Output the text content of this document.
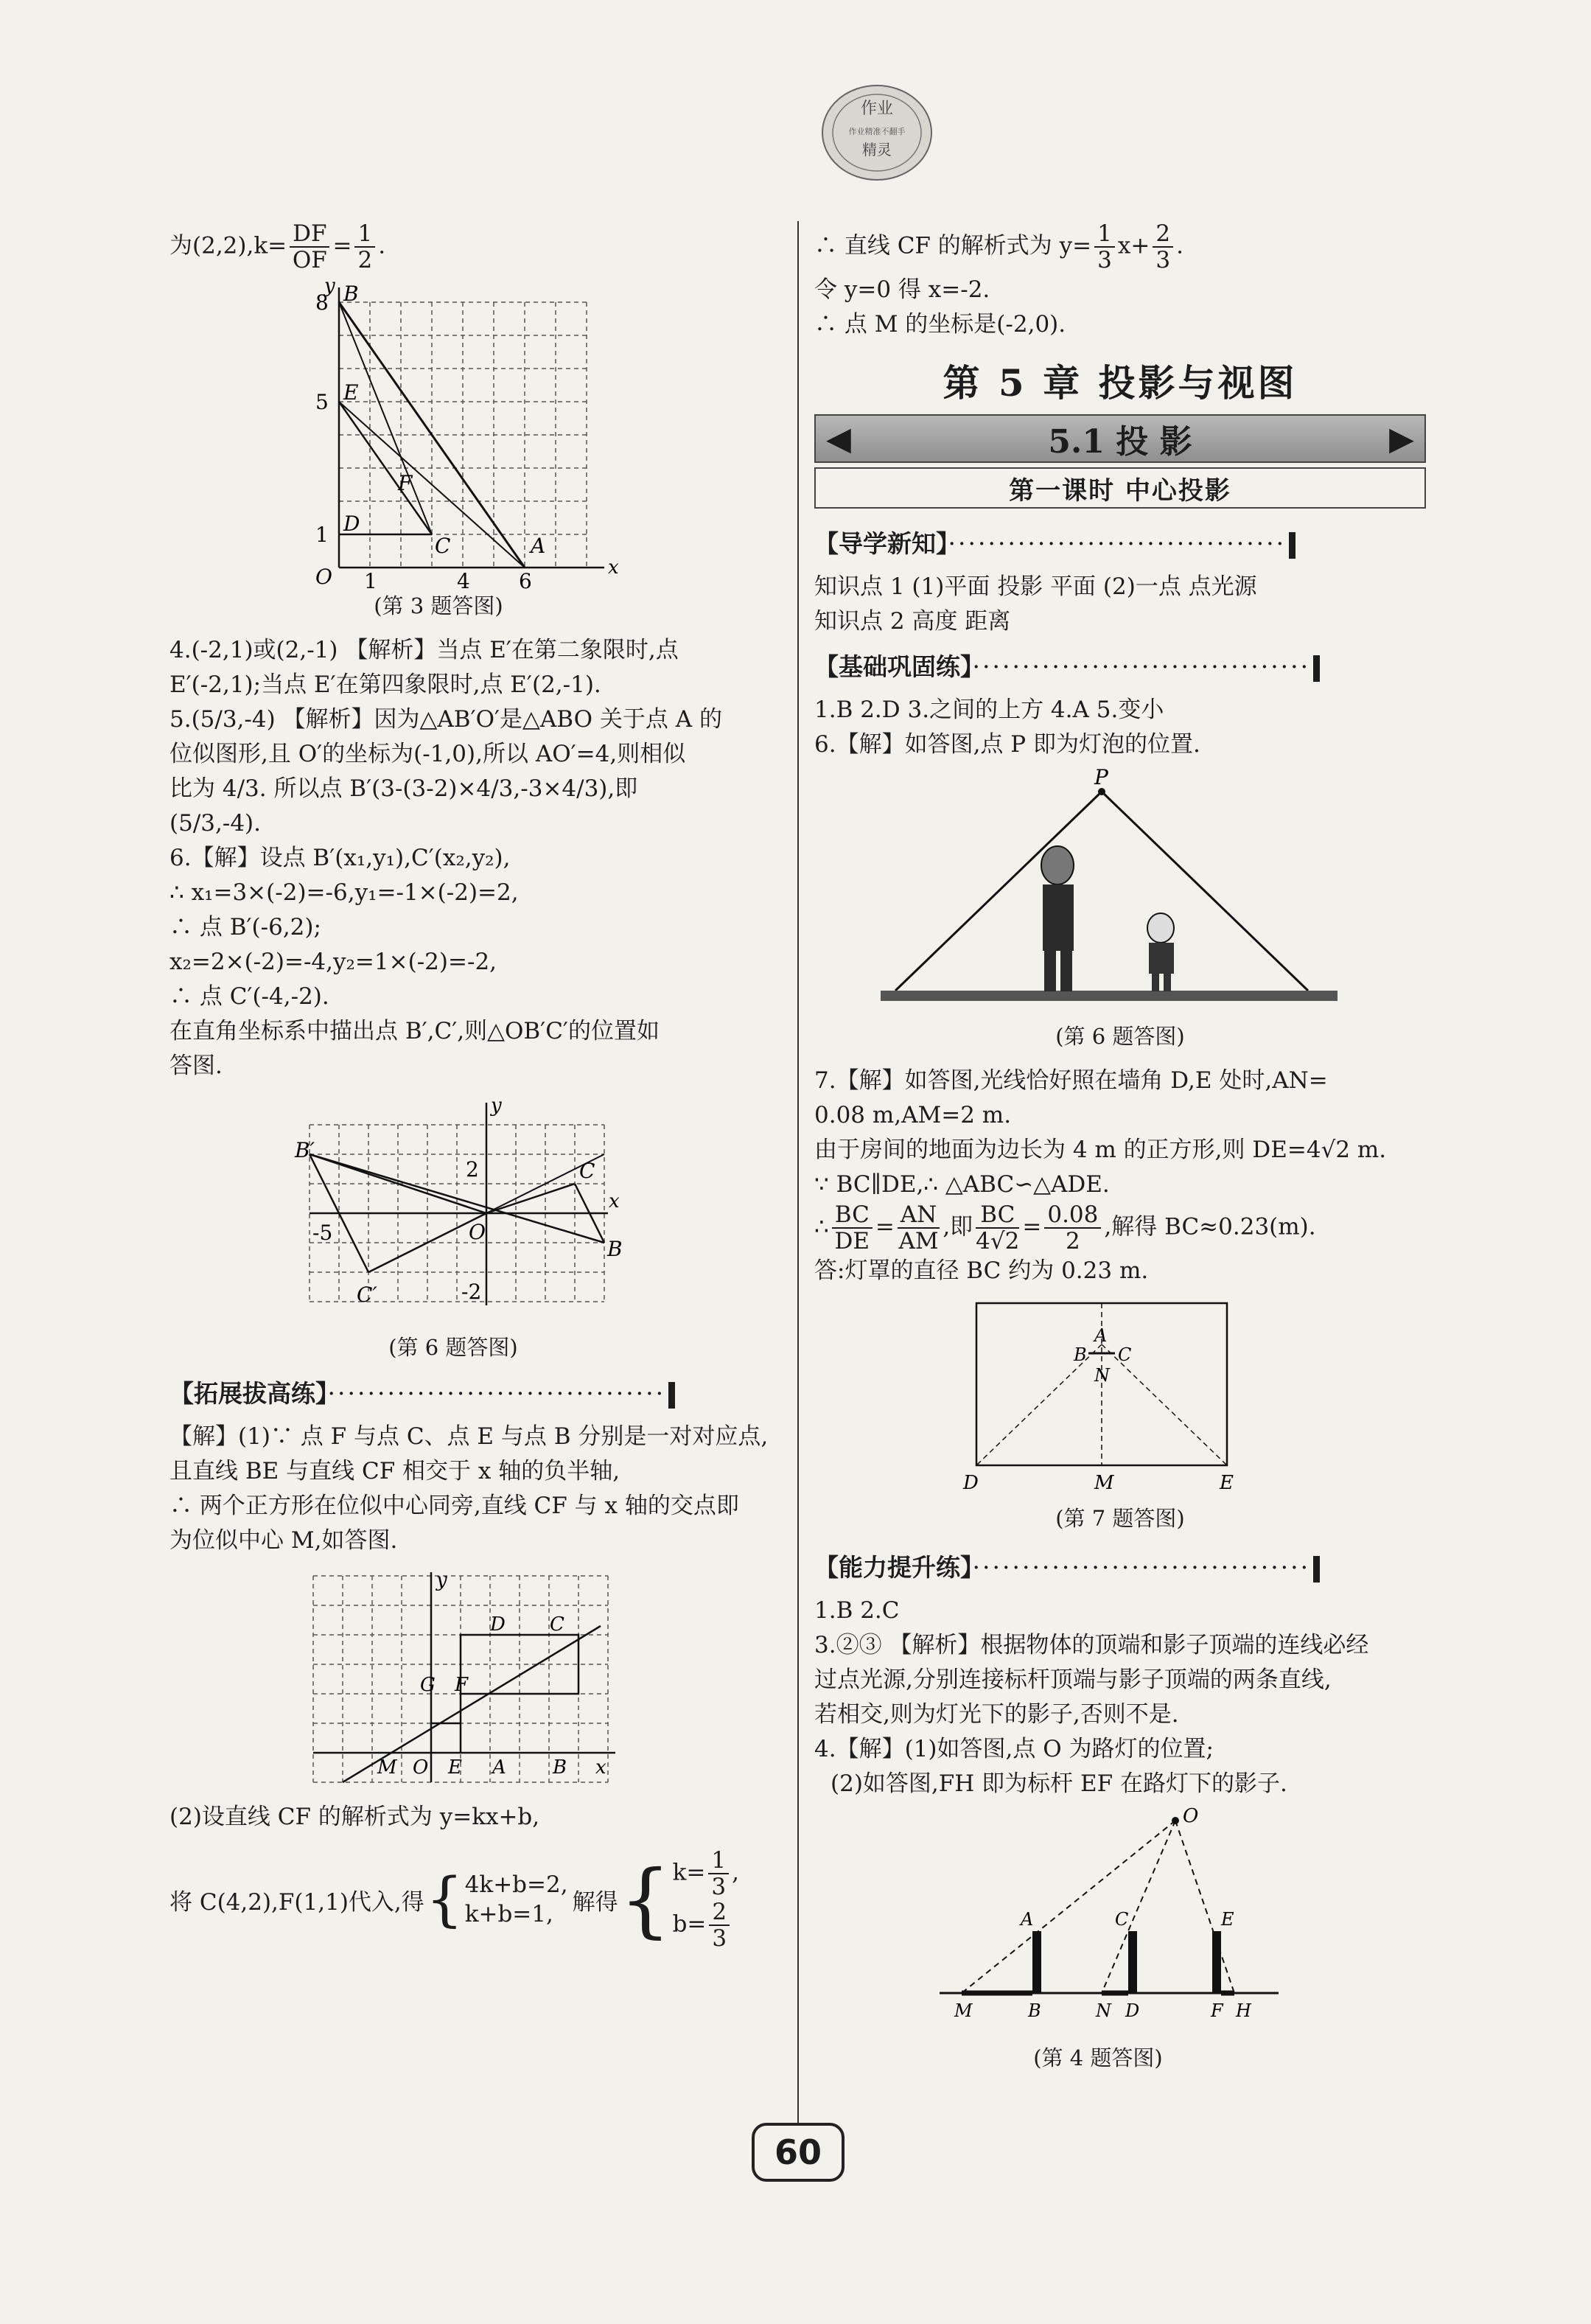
作业
作业精准不翻手
精灵

为$(2,2),k= \frac{DF}{OF} = \frac{1}{2}$ .

y
x
B
E
F
D
C	A
O
8
5
1
1	4 6

(第 3 题答图)

4.(-2,1)或(2,-1) 【解析】当点 E′在第二象限时,点

E′(-2,1);当点 E′在第四象限时,点 E′(2,-1).

5.(5/3,-4) 【解析】因为△AB′O′是△ABO 关于点 A 的

位似图形,且 O′的坐标为(-1,0),所以 AO′=4,则相似

比为 4/3. 所以点 B′(3-(3-2)×4/3,-3×4/3),即

(5/3,-4).

6.【解】设点 B′(x₁,y₁),C′(x₂,y₂),

∴ x₁=3×(-2)=-6,y₁=-1×(-2)=2,

∴ 点 B′(-6,2);

x₂=2×(-2)=-4,y₂=1×(-2)=-2,

∴ 点 C′(-4,-2).

在直角坐标系中描出点 B′,C′,则△OB′C′的位置如

答图.

B′
C
O
B
C′
y
x
2
-5
-2

(第 6 题答图)

【拓展拔高练】··································

【解】(1)∵ 点 F 与点 C、点 E 与点 B 分别是一对对应点,

且直线 BE 与直线 CF 相交于 x 轴的负半轴,

∴ 两个正方形在位似中心同旁,直线 CF 与 x 轴的交点即

为位似中心 M,如答图.

y
x
D C
G F
M O E A B

(2)设直线 CF 的解析式为 y=kx+b,

将 C(4,2),F(1,1)代入,得 { 4k+b=2,
k+b=1, 解得 { $k= \frac{1}{3}$ ,
$b= \frac{2}{3}$

∴ 直线 CF 的解析式为 $y= \frac{1}{3} x+ \frac{2}{3}$ .

令 y=0 得 x=-2.

∴ 点 M 的坐标是(-2,0).

第 5 章 投影与视图
◀	5.1 投 影	▶
第一课时 中心投影
【导学新知】··································

知识点 1 (1)平面 投影 平面 (2)一点 点光源

知识点 2 高度 距离

【基础巩固练】··································

1.B 2.D 3.之间的上方 4.A 5.变小

6.【解】如答图,点 P 即为灯泡的位置.

P

(第 6 题答图)

7.【解】如答图,光线恰好照在墙角 D,E 处时,AN=

0.08 m,AM=2 m.

由于房间的地面为边长为 4 m 的正方形,则 DE=4√2 m.

∵ BC∥DE,∴ △ABC∽△ADE.

∴ $\frac{BC}{DE} = \frac{AN}{AM}$ ,即 $\frac{BC}{4√2} = \frac{0.08}{2}$ ,解得 BC≈0.23(m).

答:灯罩的直径 BC 约为 0.23 m.

A
B C
N
D	M	E

(第 7 题答图)

【能力提升练】··································

1.B 2.C

3.②③ 【解析】根据物体的顶端和影子顶端的连线必经

过点光源,分别连接标杆顶端与影子顶端的两条直线,

若相交,则为灯光下的影子,否则不是.

4.【解】(1)如答图,点 O 为路灯的位置;

(2)如答图,FH 即为标杆 EF 在路灯下的影子.

O
A	C	E
M	B	N D	F H

(第 4 题答图)

60
